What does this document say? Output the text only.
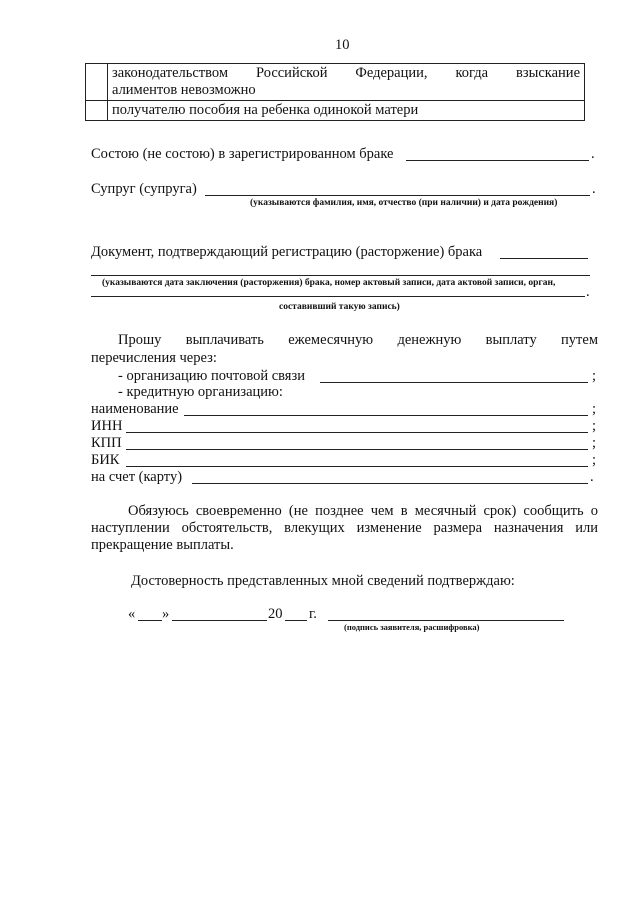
10

	законодательством Российской Федерации, когда взыскание
алиментов невозможно
	получателю пособия на ребенка одинокой матери
Состою (не состою) в зарегистрированном браке	.
Супруг (супруга)	.
(указываются фамилия, имя, отчество (при наличии) и дата рождения)
Документ, подтверждающий регистрацию (расторжение) брака
(указываются дата заключения (расторжения) брака, номер актовый записи, дата актовой записи, орган,
.
составивший такую запись)
Прошу выплачивать ежемесячную денежную выплату путем
перечисления через:
- организацию почтовой связи	;
- кредитную организацию:
наименование	;
ИНН	;
КПП	;
БИК	;
на счет (карту)	.
Обязуюсь своевременно (не позднее чем в месячный срок) сообщить о
наступлении обстоятельств, влекущих изменение размера назначения или
прекращение выплаты.
Достоверность представленных мной сведений подтверждаю:
« »	20 г.
(подпись заявителя, расшифровка)
